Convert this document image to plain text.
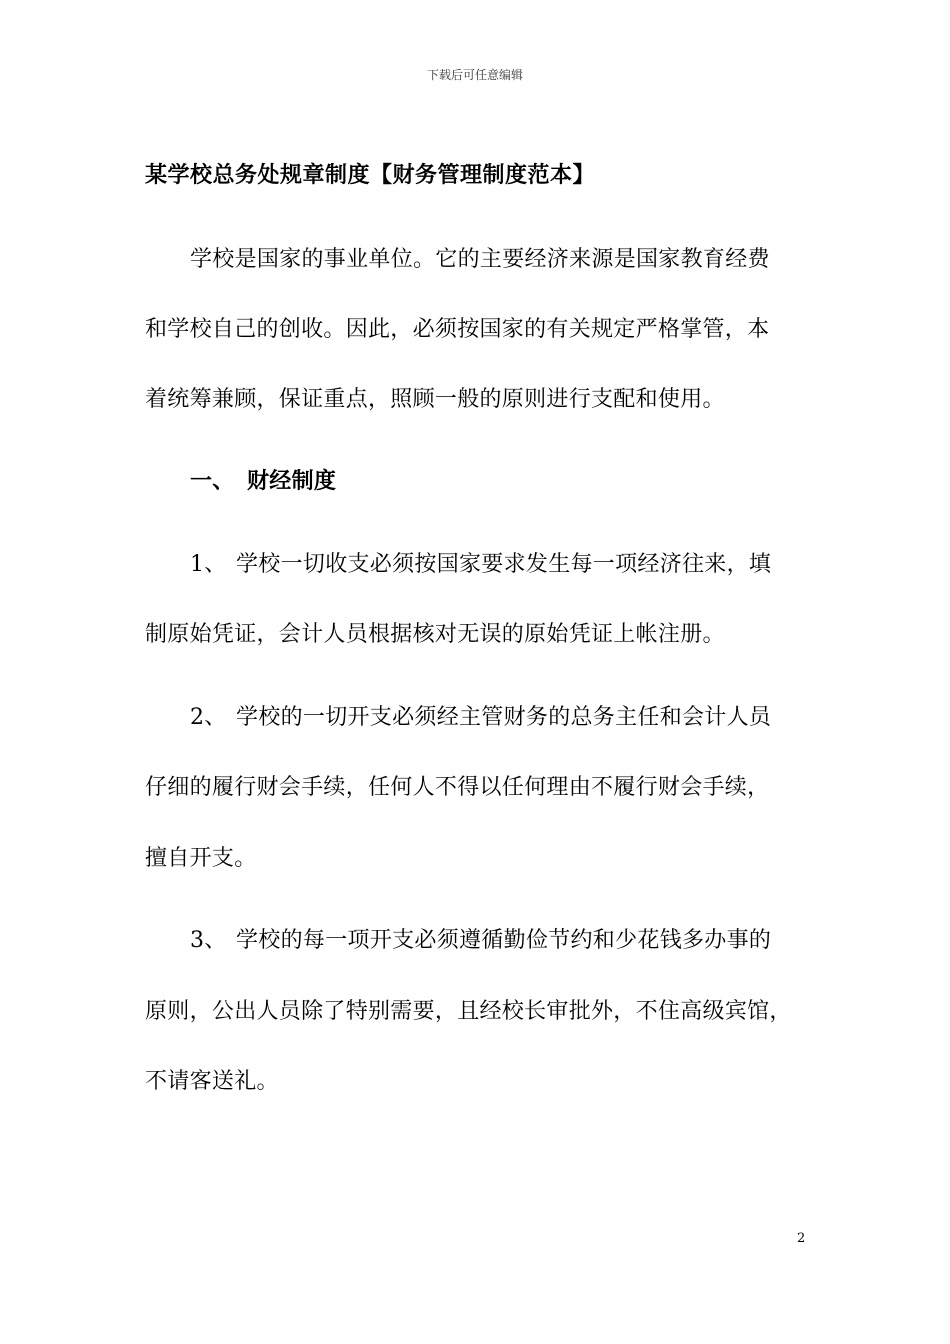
下载后可任意编辑
某学校总务处规章制度【财务管理制度范本】
学校是国家的事业单位。它的主要经济来源是国家教育经费
和学校自己的创收。因此，必须按国家的有关规定严格掌管，本
着统筹兼顾，保证重点，照顾一般的原则进行支配和使用。
一、 财经制度
1、 学校一切收支必须按国家要求发生每一项经济往来，填
制原始凭证，会计人员根据核对无误的原始凭证上帐注册。
2、 学校的一切开支必须经主管财务的总务主任和会计人员
仔细的履行财会手续，任何人不得以任何理由不履行财会手续，
擅自开支。
3、 学校的每一项开支必须遵循勤俭节约和少花钱多办事的
原则，公出人员除了特别需要，且经校长审批外，不住高级宾馆，
不请客送礼。
2
